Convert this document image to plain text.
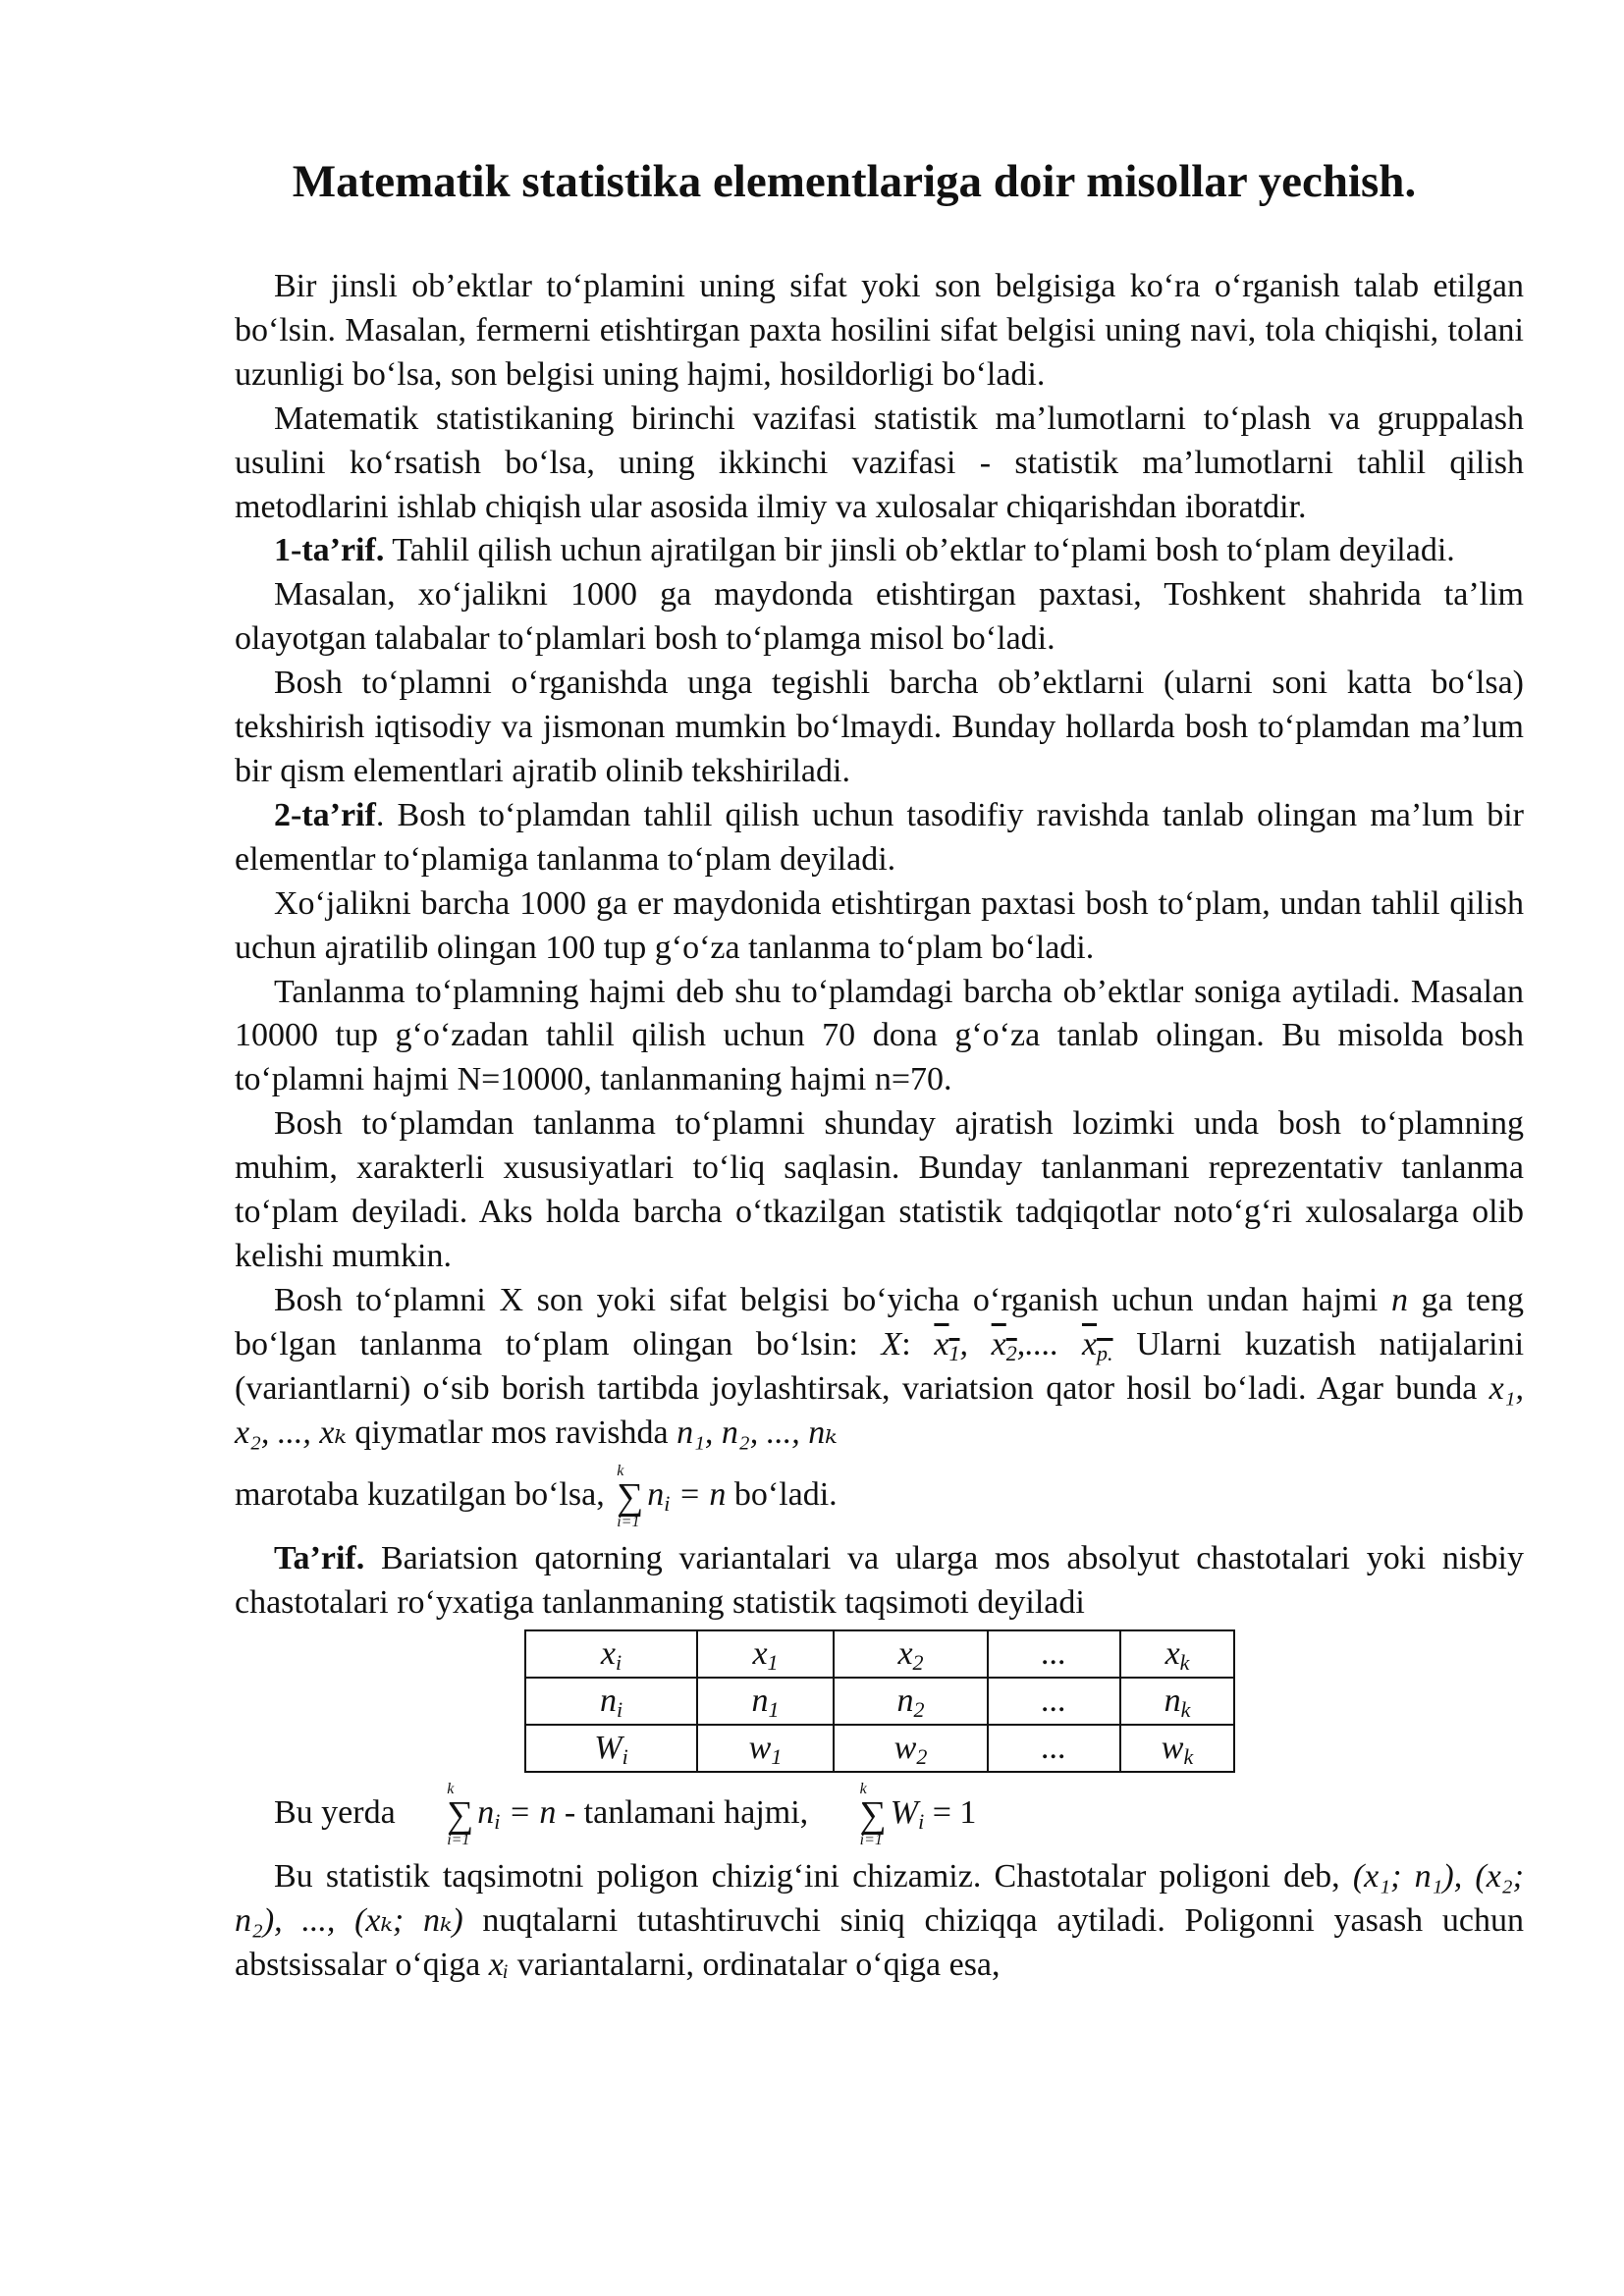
Matematik statistika elementlariga doir misollar yechish.

Bir jinsli ob’ektlar to‘plamini uning sifat yoki son belgisiga ko‘ra o‘rganish talab etilgan bo‘lsin. Masalan, fermerni etishtirgan paxta hosilini sifat belgisi uning navi, tola chiqishi, tolani uzunligi bo‘lsa, son belgisi uning hajmi, hosildorligi bo‘ladi.

Matematik statistikaning birinchi vazifasi statistik ma’lumotlarni to‘plash va gruppalash usulini ko‘rsatish bo‘lsa, uning ikkinchi vazifasi - statistik ma’lumotlarni tahlil qilish metodlarini ishlab chiqish ular asosida ilmiy va xulosalar chiqarishdan iboratdir.

1-ta’rif. Tahlil qilish uchun ajratilgan bir jinsli ob’ektlar to‘plami bosh to‘plam deyiladi.

Masalan, xo‘jalikni 1000 ga maydonda etishtirgan paxtasi, Toshkent shahrida ta’lim olayotgan talabalar to‘plamlari bosh to‘plamga misol bo‘ladi.

Bosh to‘plamni o‘rganishda unga tegishli barcha ob’ektlarni (ularni soni katta bo‘lsa) tekshirish iqtisodiy va jismonan mumkin bo‘lmaydi. Bunday hollarda bosh to‘plamdan ma’lum bir qism elementlari ajratib olinib tekshiriladi.

2-ta’rif. Bosh to‘plamdan tahlil qilish uchun tasodifiy ravishda tanlab olingan ma’lum bir elementlar to‘plamiga tanlanma to‘plam deyiladi.

Xo‘jalikni barcha 1000 ga er maydonida etishtirgan paxtasi bosh to‘plam, undan tahlil qilish uchun ajratilib olingan 100 tup g‘o‘za tanlanma to‘plam bo‘ladi.

Tanlanma to‘plamning hajmi deb shu to‘plamdagi barcha ob’ektlar soniga aytiladi. Masalan 10000 tup g‘o‘zadan tahlil qilish uchun 70 dona g‘o‘za tanlab olingan. Bu misolda bosh to‘plamni hajmi N=10000, tanlanmaning hajmi n=70.

Bosh to‘plamdan tanlanma to‘plamni shunday ajratish lozimki unda bosh to‘plamning muhim, xarakterli xususiyatlari to‘liq saqlasin. Bunday tanlanmani reprezentativ tanlanma to‘plam deyiladi. Aks holda barcha o‘tkazilgan statistik tadqiqotlar noto‘g‘ri xulosalarga olib kelishi mumkin.

Bosh to‘plamni X son yoki sifat belgisi bo‘yicha o‘rganish uchun undan hajmi n ga teng bo‘lgan tanlanma to‘plam olingan bo‘lsin: X: $x_1$, $x_2$,.... $x_{p.}$ Ularni kuzatish natijalarini (variantlarni) o‘sib borish tartibda joylashtirsak, variatsion qator hosil bo‘ladi. Agar bunda x₁, x₂, ..., xₖ qiymatlar mos ravishda n₁, n₂, ..., nₖ

marotaba kuzatilgan bo‘lsa,
k
∑
i=1
$n_i = n$ bo‘ladi.

Ta’rif. Bariatsion qatorning variantalari va ularga mos absolyut chastotalari yoki nisbiy chastotalari ro‘yxatiga tanlanmaning statistik taqsimoti deyiladi

$x_i$	$x_1$	$x_2$	...	$x_k$
$n_i$	$n_1$	$n_2$	...	$n_k$
$W_i$	$w_1$	$w_2$	...	$w_k$

Bu yerda
k
∑
i=1
$n_i = n$ - tanlamani hajmi,
k
∑
i=1
$W_i = 1$

Bu statistik taqsimotni poligon chizig‘ini chizamiz. Chastotalar poligoni deb, (x₁; n₁), (x₂; n₂), ..., (xₖ; nₖ) nuqtalarni tutashtiruvchi siniq chiziqqa aytiladi. Poligonni yasash uchun abstsissalar o‘qiga xᵢ variantalarni, ordinatalar o‘qiga esa,
